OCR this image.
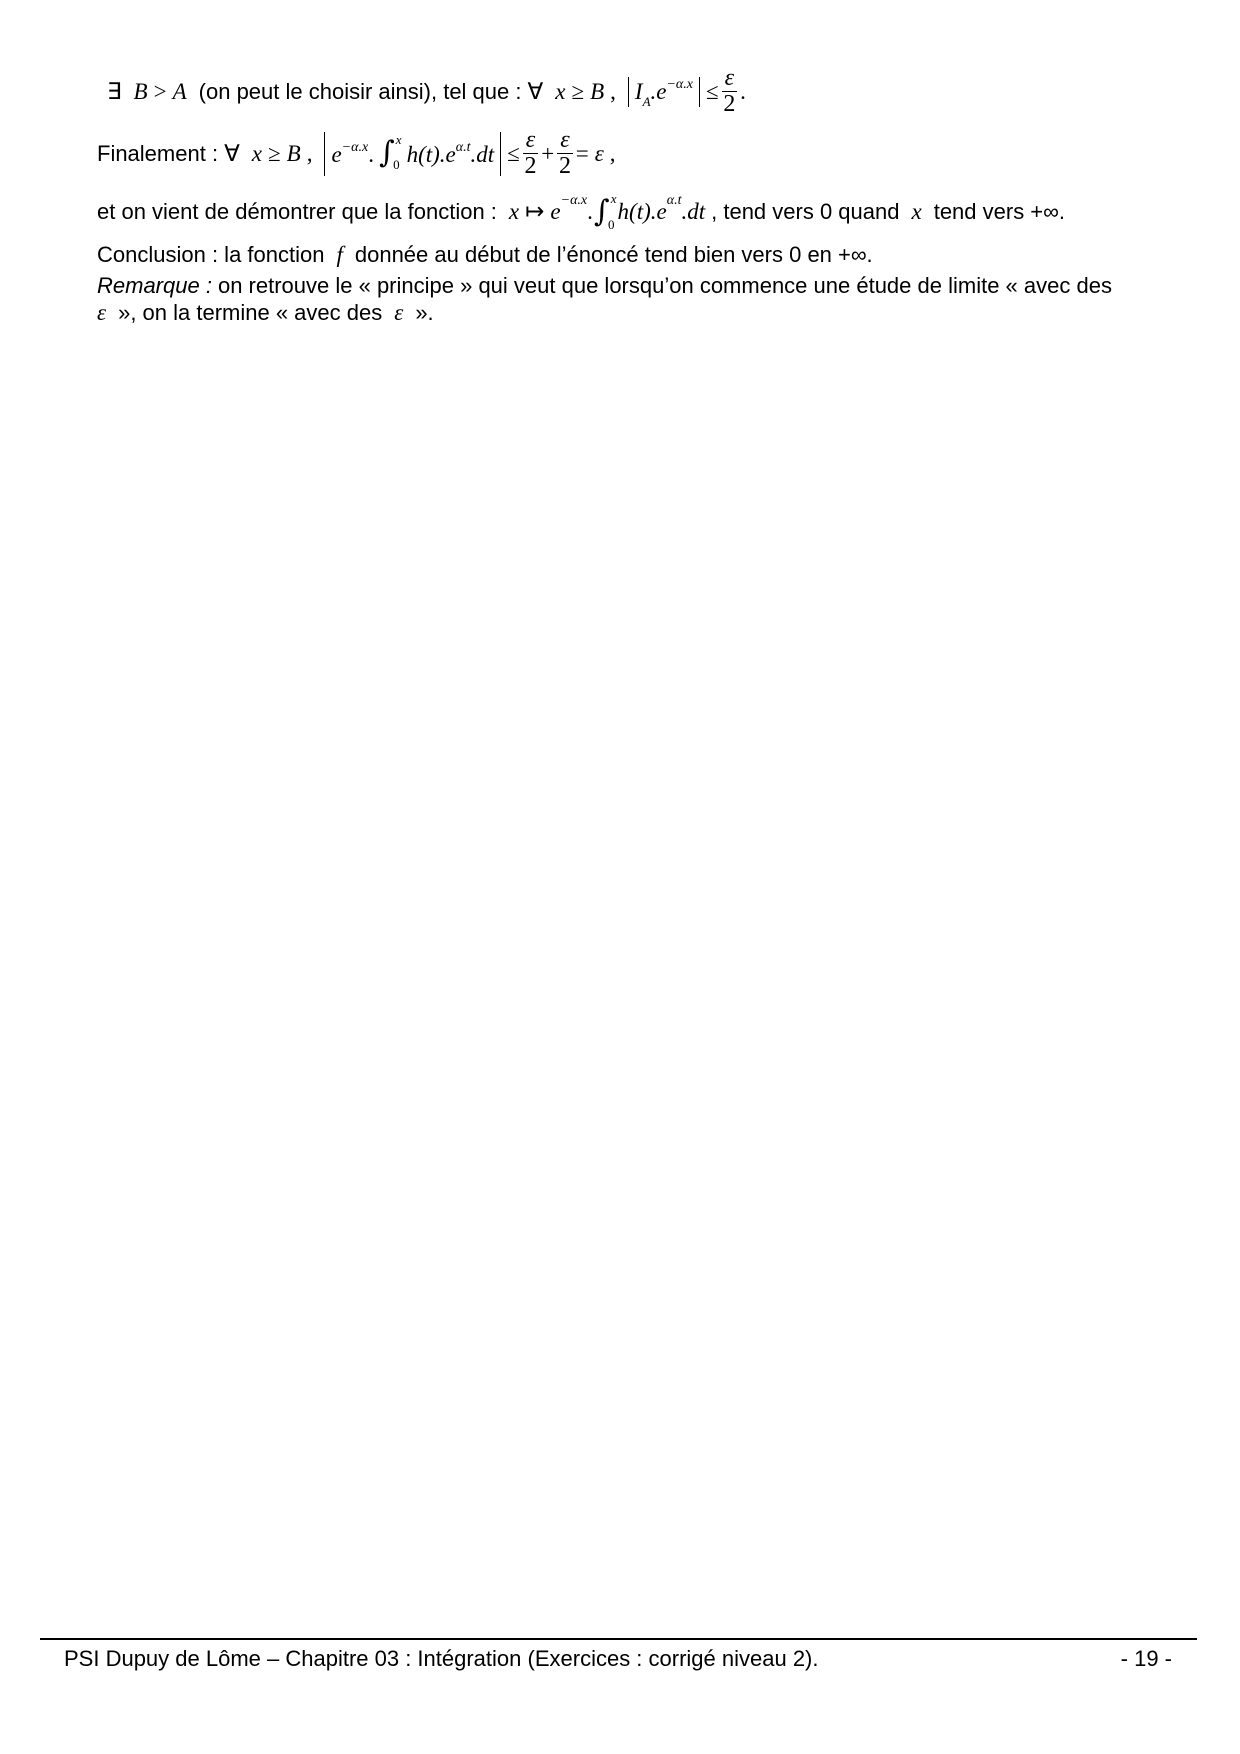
∃ B > A (on peut le choisir ainsi), tel que : ∀ x ≥ B , $I_A.e-\alpha.x \le \frac{\varepsilon}{2}$ .
Finalement : ∀ x ≥ B , e−α.x. ∫ x
0 $h(t).e\alpha.t.dt \le \frac{\varepsilon}{2} + \frac{\varepsilon}{2} = \varepsilon$ ,
et on vient de démontrer que la fonction : x ↦ e −α.x . ∫ x
0
h (t) .e α.t .dt , tend vers 0 quand x tend vers +∞.
Conclusion : la fonction f donnée au début de l’énoncé tend bien vers 0 en +∞.
Remarque : on retrouve le « principe » qui veut que lorsqu’on commence une étude de limite « avec des
ε », on la termine « avec des ε ».
PSI Dupuy de Lôme – Chapitre 03 : Intégration (Exercices : corrigé niveau 2).	- 19 -
